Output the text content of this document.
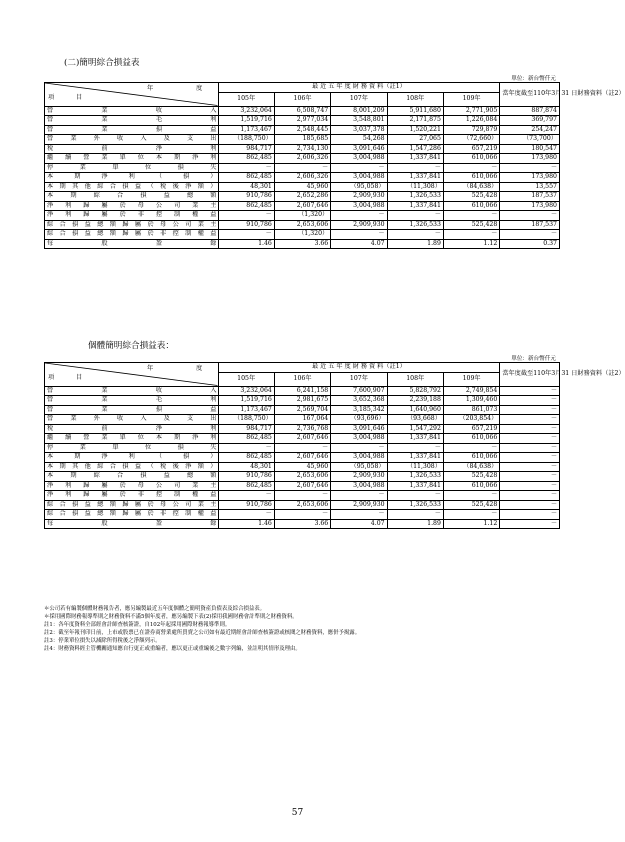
(二)簡明綜合損益表
單位：新台幣仟元
年 度
項 目	最 近 五 年 度 財 務 資 料（註1）					當年度截至110年3月31 日財務資料（註2）
	105年	106年	107年	108年	109年	
營業收入	3,232,064	6,508,747	8,001,209	5,911,680	2,771,905	887,874
營業毛利	1,519,716	2,977,034	3,548,801	2,171,875	1,226,084	369,797
營業損益	1,173,467	2,548,445	3,037,378	1,520,221	729,879	254,247
營業外收入及支出	（188,750）	185,685	54,268	27,065	（72,660）	（73,700）
稅前淨利	984,717	2,734,130	3,091,646	1,547,286	657,219	180,547
繼續營業單位本期淨利	862,485	2,606,326	3,004,988	1,337,841	610,066	173,980
停業單位損失	－	－	－	－	－	－
本期淨利（損）	862,485	2,606,326	3,004,988	1,337,841	610,066	173,980
本期其他綜合損益（稅後淨額）	48,301	45,960	（95,058）	（11,308）	（84,638）	13,557
本期綜合損益總額	910,786	2,652,286	2,909,930	1,326,533	525,428	187,537
淨利歸屬於母公司業主	862,485	2,607,646	3,004,988	1,337,841	610,066	173,980
淨利歸屬於非控制權益	－	（1,320）	－	－	－	－
綜合損益總額歸屬於母公司業主	910,786	2,653,606	2,909,930	1,326,533	525,428	187,537
綜合損益總額歸屬於非控制權益	－	（1,320）	－	－	－	－
每股盈餘	1.46	3.66	4.07	1.89	1.12	0.37
個體簡明綜合損益表：
單位：新台幣仟元
年 度
項 目	最 近 五 年 度 財 務 資 料（註1）					當年度截至110年3月31 日財務資料（註2）
	105年	106年	107年	108年	109年	
營業收入	3,232,064	6,241,158	7,600,907	5,828,792	2,749,854	－
營業毛利	1,519,716	2,981,675	3,652,368	2,239,188	1,309,460	－
營業損益	1,173,467	2,569,704	3,185,342	1,640,960	861,073	－
營業外收入及支出	（188,750）	167,064	（93,696）	（93,668）	（203,854）	－
稅前淨利	984,717	2,736,768	3,091,646	1,547,292	657,219	－
繼續營業單位本期淨利	862,485	2,607,646	3,004,988	1,337,841	610,066	－
停業單位損失	－	－	－	－	－	－
本期淨利（損）	862,485	2,607,646	3,004,988	1,337,841	610,066	－
本期其他綜合損益（稅後淨額）	48,301	45,960	（95,058）	（11,308）	（84,638）	－
本期綜合損益總額	910,786	2,653,606	2,909,930	1,326,533	525,428	－
淨利歸屬於母公司業主	862,485	2,607,646	3,004,988	1,337,841	610,066	－
淨利歸屬於非控制權益	－	－	－	－	－	－
綜合損益總額歸屬於母公司業主	910,786	2,653,606	2,909,930	1,326,533	525,428	－
綜合損益總額歸屬於非控制權益	－	－	－	－	－	－
每股盈餘	1.46	3.66	4.07	1.89	1.12	－
＊公司若有編製個體財務報告者，應另編製最近五年度個體之簡明資產負債表及綜合損益表。
＊採用國際財務報導準則之財務資料不滿5個年度者，應另編製下表(2)採用我國財務會計準則之財務資料。
註1：各年度資料全部經會計師查核簽證，自102年起採用國際財務報導準則。
註2：截至年報刊印日前，上市或股票已在證券商營業處所買賣之公司如有最近期經會計師查核簽證或核閱之財務資料，應併予揭露。
註3：停業單位損失以減除所得稅後之淨額列示。
註4：財務資料經主管機關通知應自行更正或重編者，應以更正或重編後之數字列編，並註明其情形及理由。
57
